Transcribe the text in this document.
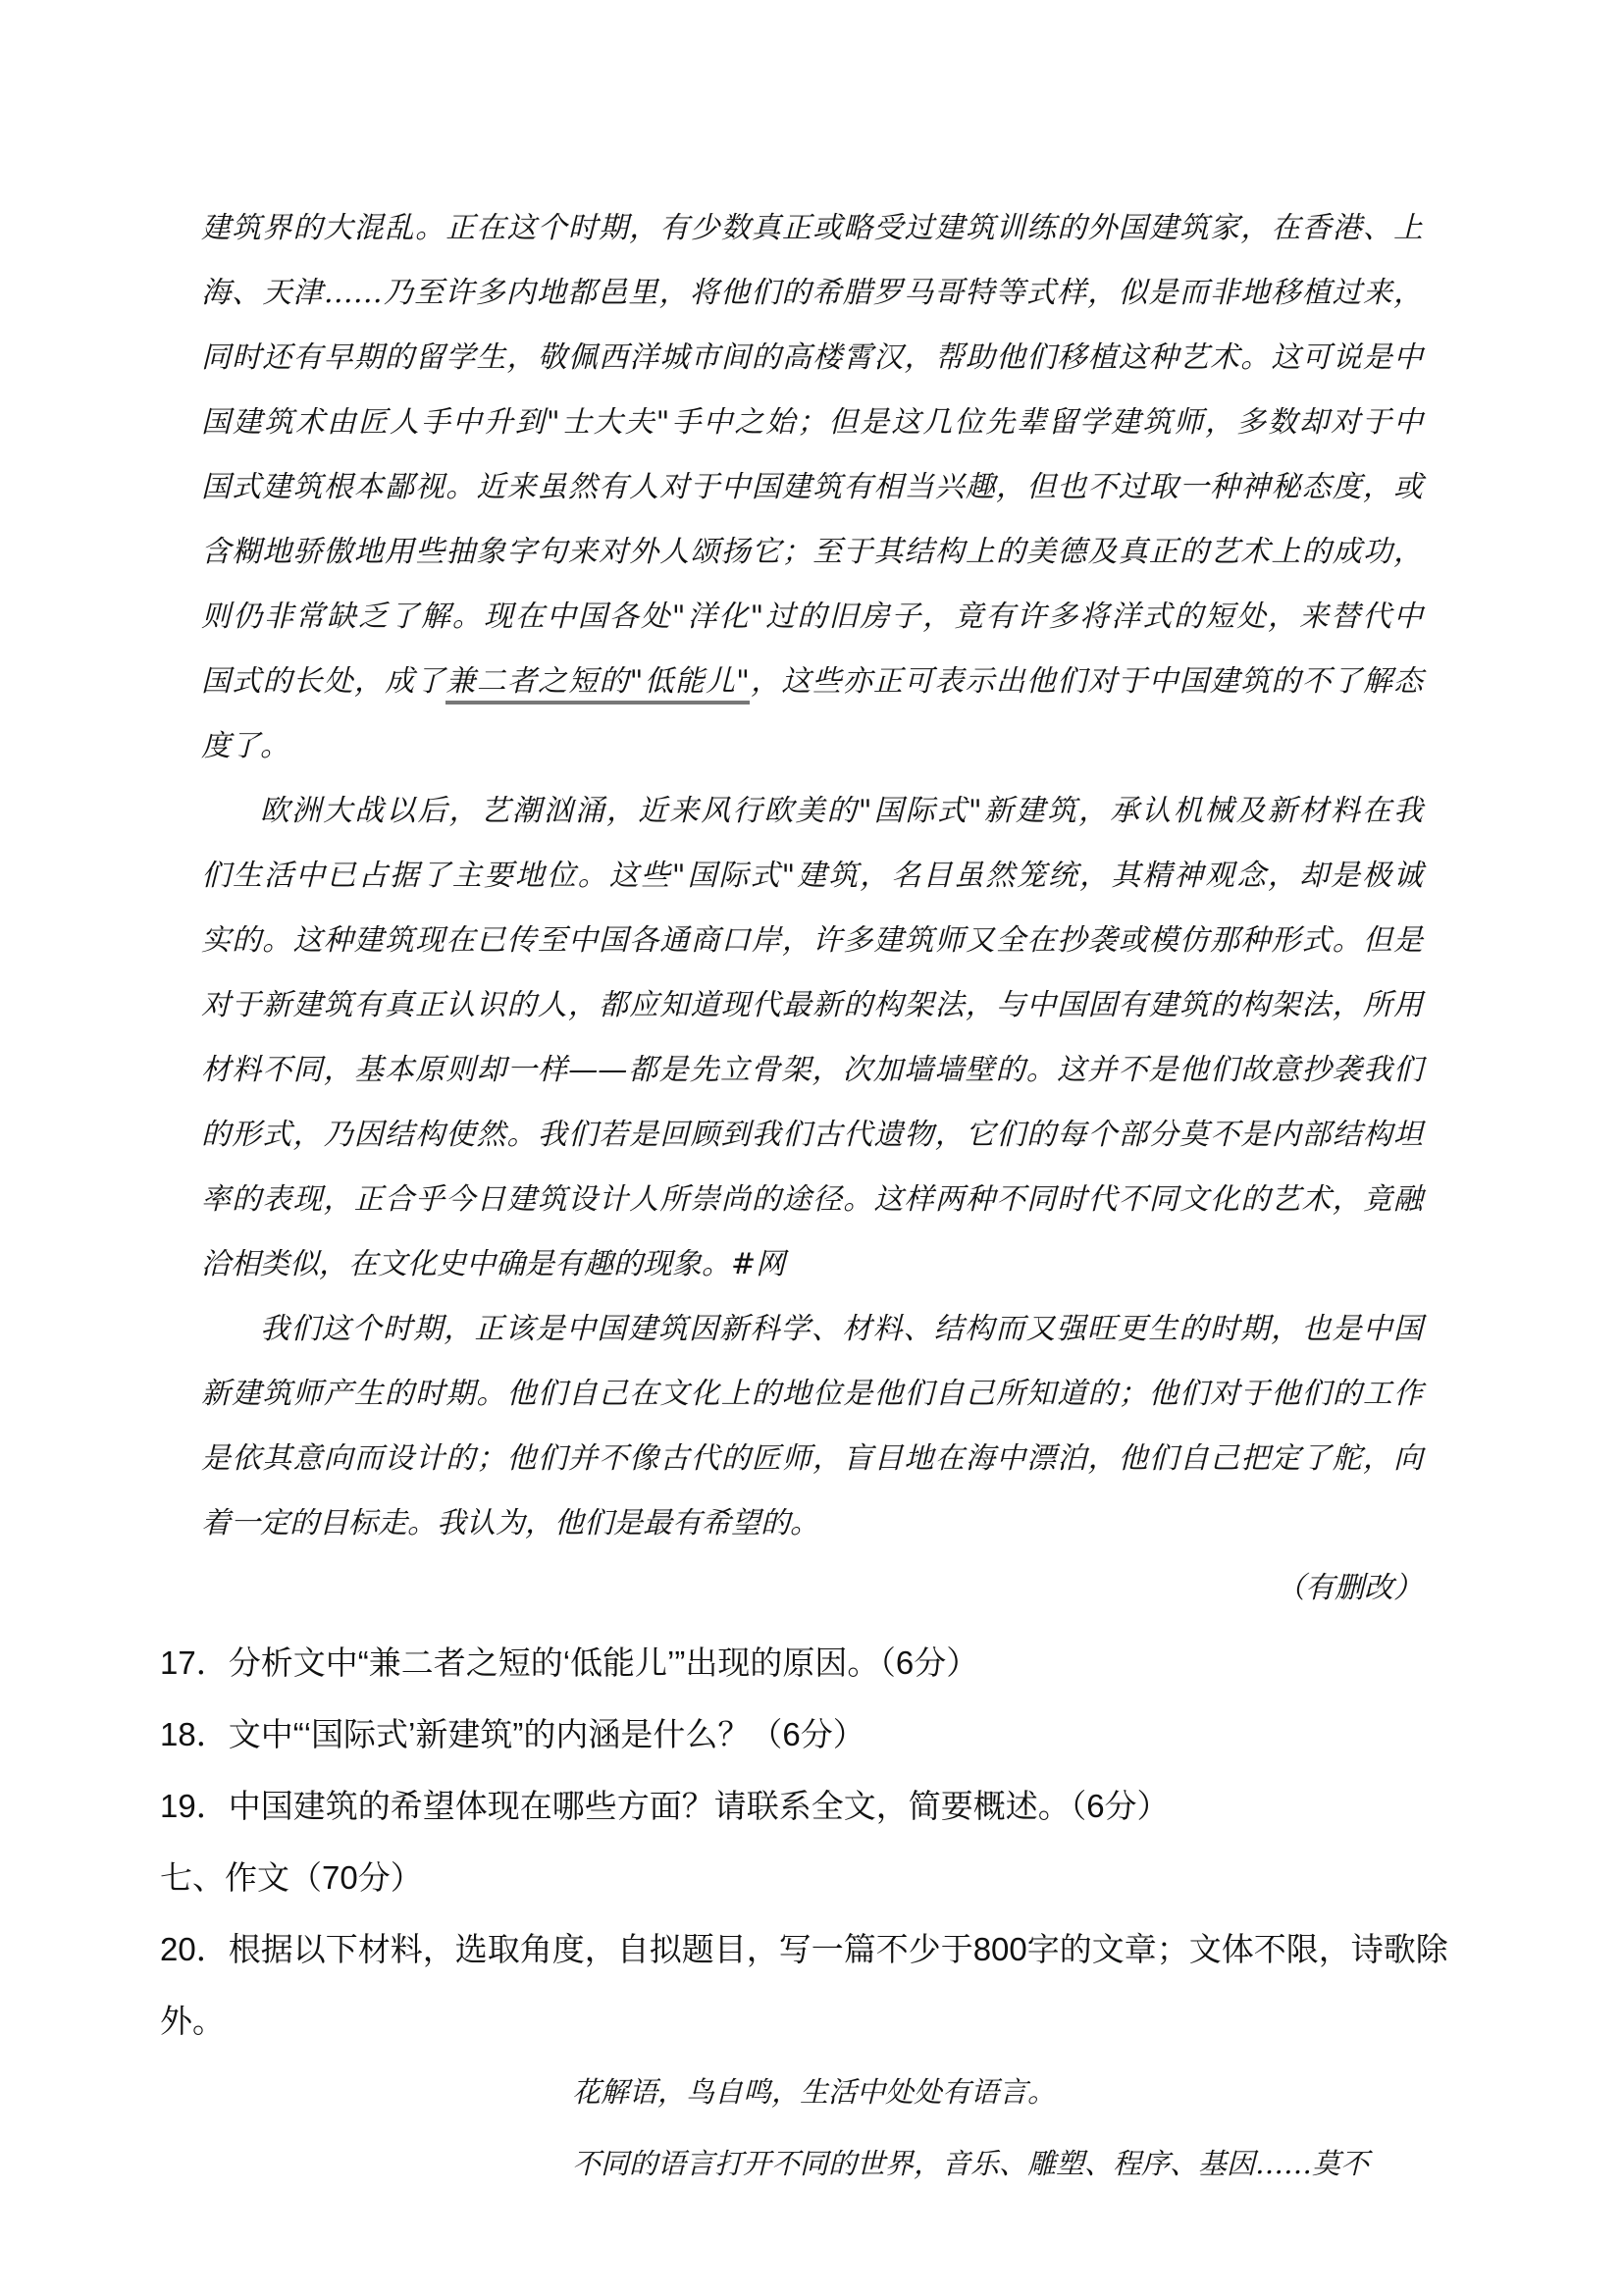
建筑界的大混乱。正在这个时期，有少数真正或略受过建筑训练的外国建筑家，在香港、上
海、天津……乃至许多内地都邑里，将他们的希腊罗马哥特等式样，似是而非地移植过来，
同时还有早期的留学生，敬佩西洋城市间的高楼霄汉，帮助他们移植这种艺术。这可说是中
国建筑术由匠人手中升到"士大夫"手中之始；但是这几位先辈留学建筑师，多数却对于中
国式建筑根本鄙视。近来虽然有人对于中国建筑有相当兴趣，但也不过取一种神秘态度，或
含糊地骄傲地用些抽象字句来对外人颂扬它；至于其结构上的美德及真正的艺术上的成功，
则仍非常缺乏了解。现在中国各处"洋化"过的旧房子，竟有许多将洋式的短处，来替代中
国式的长处，成了兼二者之短的"低能儿"，这些亦正可表示出他们对于中国建筑的不了解态
度了。
欧洲大战以后，艺潮汹涌，近来风行欧美的"国际式"新建筑，承认机械及新材料在我
们生活中已占据了主要地位。这些"国际式"建筑，名目虽然笼统，其精神观念，却是极诚
实的。这种建筑现在已传至中国各通商口岸，许多建筑师又全在抄袭或模仿那种形式。但是
对于新建筑有真正认识的人，都应知道现代最新的构架法，与中国固有建筑的构架法，所用
材料不同，基本原则却一样——都是先立骨架，次加墙墙壁的。这并不是他们故意抄袭我们
的形式，乃因结构使然。我们若是回顾到我们古代遗物，它们的每个部分莫不是内部结构坦
率的表现，正合乎今日建筑设计人所崇尚的途径。这样两种不同时代不同文化的艺术，竟融
洽相类似，在文化史中确是有趣的现象。#网
我们这个时期，正该是中国建筑因新科学、材料、结构而又强旺更生的时期，也是中国
新建筑师产生的时期。他们自己在文化上的地位是他们自己所知道的；他们对于他们的工作
是依其意向而设计的；他们并不像古代的匠师，盲目地在海中漂泊，他们自己把定了舵，向
着一定的目标走。我认为，他们是最有希望的。
（有删改）
17．分析文中“兼二者之短的‘低能儿’”出现的原因。（6分）
18．文中“‘国际式’新建筑”的内涵是什么？（6分）
19．中国建筑的希望体现在哪些方面？请联系全文，简要概述。（6分）
七、作文（70分）
20．根据以下材料，选取角度，自拟题目，写一篇不少于800字的文章；文体不限，诗歌除
外。
花解语，鸟自鸣，生活中处处有语言。
不同的语言打开不同的世界，音乐、雕塑、程序、基因……莫不
